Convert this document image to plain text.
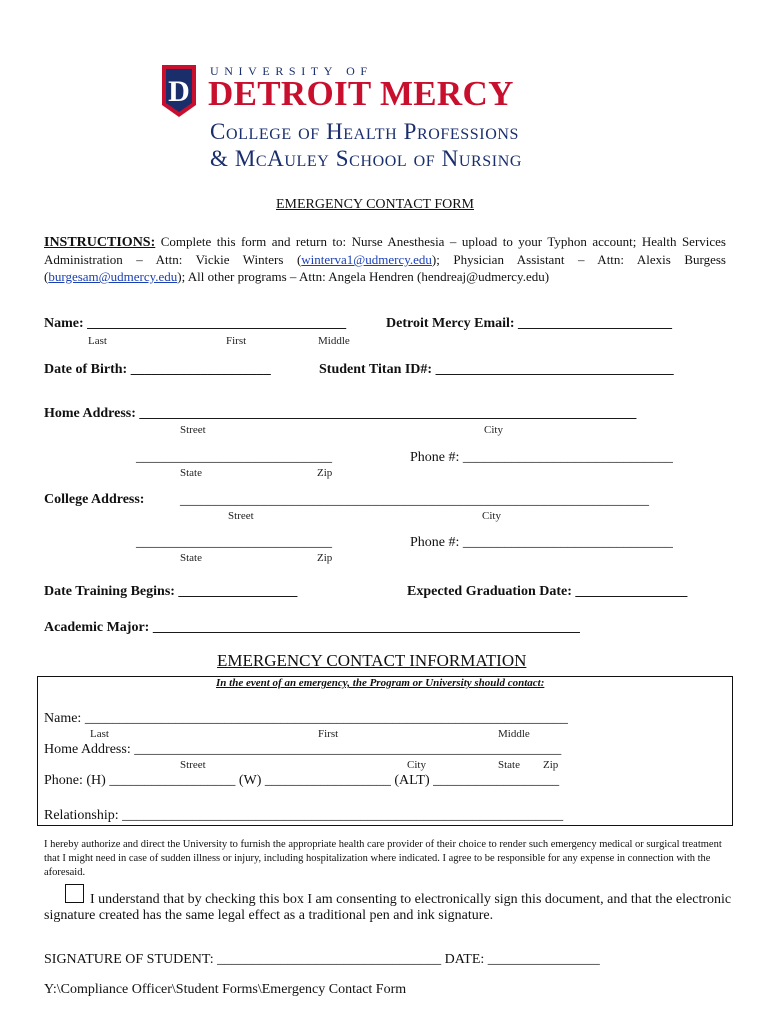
D
UNIVERSITY OF
DETROIT MERCY
College of Health Professions
& McAuley School of Nursing
EMERGENCY CONTACT FORM
INSTRUCTIONS: Complete this form and return to: Nurse Anesthesia – upload to your Typhon account; Health Services Administration – Attn: Vickie Winters (winterva1@udmercy.edu); Physician Assistant – Attn: Alexis Burgess (burgesam@udmercy.edu); All other programs – Attn: Angela Hendren (hendreaj@udmercy.edu)
Name: _____________________________________
Last	First	Middle
Detroit Mercy Email: ______________________
Date of Birth: ____________________	Student Titan ID#: __________________________________
Home Address: _______________________________________________________________________
Street	City
____________________________
State	Zip
Phone #: ______________________________
College Address:	___________________________________________________________________
Street	City
____________________________
State	Zip
Phone #: ______________________________
Date Training Begins: _________________	Expected Graduation Date: ________________
Academic Major: _____________________________________________________________
EMERGENCY CONTACT INFORMATION
In the event of an emergency, the Program or University should contact:
Name: _____________________________________________________________________
Last	First	Middle
Home Address: _____________________________________________________________
Street	City	State Zip
Phone: (H) __________________ (W) __________________ (ALT) __________________
Relationship: _______________________________________________________________
I hereby authorize and direct the University to furnish the appropriate health care provider of their choice to render such emergency medical or surgical treatment that I might need in case of sudden illness or injury, including hospitalization where indicated. I agree to be responsible for any expense in connection with the aforesaid.
I understand that by checking this box I am consenting to electronically sign this document, and that the electronic
signature created has the same legal effect as a traditional pen and ink signature.
SIGNATURE OF STUDENT: ________________________________ DATE: ________________
Y:\Compliance Officer\Student Forms\Emergency Contact Form
